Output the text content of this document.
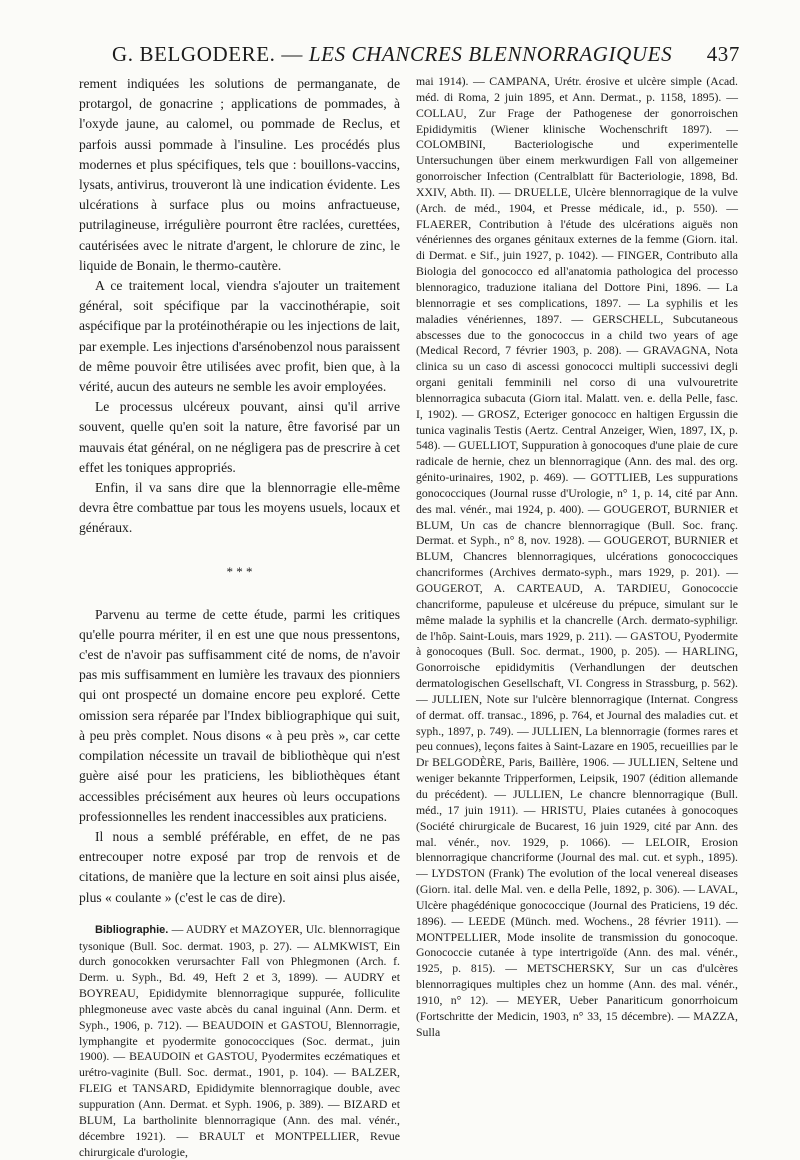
G. BELGODERE. — LES CHANCRES BLENNORRAGIQUES 437

rement indiquées les solutions de permanganate, de protargol, de gonacrine ; applications de pommades, à l'oxyde jaune, au calomel, ou pommade de Reclus, et parfois aussi pommade à l'insuline. Les procédés plus modernes et plus spécifiques, tels que : bouillons-vaccins, lysats, antivirus, trouveront là une indication évidente. Les ulcérations à surface plus ou moins anfractueuse, putrilagineuse, irrégulière pourront être raclées, curettées, cautérisées avec le nitrate d'argent, le chlorure de zinc, le liquide de Bonain, le thermo-cautère.

A ce traitement local, viendra s'ajouter un traitement général, soit spécifique par la vaccinothérapie, soit aspécifique par la protéinothérapie ou les injections de lait, par exemple. Les injections d'arsénobenzol nous paraissent de même pouvoir être utilisées avec profit, bien que, à la vérité, aucun des auteurs ne semble les avoir employées.

Le processus ulcéreux pouvant, ainsi qu'il arrive souvent, quelle qu'en soit la nature, être favorisé par un mauvais état général, on ne négligera pas de prescrire à cet effet les toniques appropriés.

Enfin, il va sans dire que la blennorragie elle-même devra être combattue par tous les moyens usuels, locaux et généraux.

* * *

Parvenu au terme de cette étude, parmi les critiques qu'elle pourra mériter, il en est une que nous pressentons, c'est de n'avoir pas suffisamment cité de noms, de n'avoir pas mis suffisamment en lumière les travaux des pionniers qui ont prospecté un domaine encore peu exploré. Cette omission sera réparée par l'Index bibliographique qui suit, à peu près complet. Nous disons « à peu près », car cette compilation nécessite un travail de bibliothèque qui n'est guère aisé pour les praticiens, les bibliothèques étant accessibles précisément aux heures où leurs occupations professionnelles les rendent inaccessibles aux praticiens.

Il nous a semblé préférable, en effet, de ne pas entrecouper notre exposé par trop de renvois et de citations, de manière que la lecture en soit ainsi plus aisée, plus « coulante » (c'est le cas de dire).

Bibliographie. — AUDRY et MAZOYER, Ulc. blennorragique tysonique (Bull. Soc. dermat. 1903, p. 27). — ALMKWIST, Ein durch gonocokken verursachter Fall von Phlegmonen (Arch. f. Derm. u. Syph., Bd. 49, Heft 2 et 3, 1899). — AUDRY et BOYREAU, Epididymite blennorragique suppurée, folliculite phlegmoneuse avec vaste abcès du canal inguinal (Ann. Derm. et Syph., 1906, p. 712). — BEAUDOIN et GASTOU, Blennorragie, lymphangite et pyodermite gonococciques (Soc. dermat., juin 1900). — BEAUDOIN et GASTOU, Pyodermites eczématiques et urétro-vaginite (Bull. Soc. dermat., 1901, p. 104). — BALZER, FLEIG et TANSARD, Epididymite blennorragique double, avec suppuration (Ann. Dermat. et Syph. 1906, p. 389). — BIZARD et BLUM, La bartholinite blennorragique (Ann. des mal. vénér., décembre 1921). — BRAULT et MONTPELLIER, Revue chirurgicale d'urologie,

mai 1914). — CAMPANA, Urétr. érosive et ulcère simple (Acad. méd. di Roma, 2 juin 1895, et Ann. Dermat., p. 1158, 1895). — COLLAU, Zur Frage der Pathogenese der gonorroischen Epididymitis (Wiener klinische Wochenschrift 1897). — COLOMBINI, Bacteriologische und experimentelle Untersuchungen über einem merkwurdigen Fall von allgemeiner gonorroischer Infection (Centralblatt für Bacteriologie, 1898, Bd. XXIV, Abth. II). — DRUELLE, Ulcère blennorragique de la vulve (Arch. de méd., 1904, et Presse médicale, id., p. 550). — FLAERER, Contribution à l'étude des ulcérations aiguës non vénériennes des organes génitaux externes de la femme (Giorn. ital. di Dermat. e Sif., juin 1927, p. 1042). — FINGER, Contributo alla Biologia del gonococco ed all'anatomia pathologica del processo blennoragico, traduzione italiana del Dottore Pini, 1896. — La blennorragie et ses complications, 1897. — La syphilis et les maladies vénériennes, 1897. — GERSCHELL, Subcutaneous abscesses due to the gonococcus in a child two years of age (Medical Record, 7 février 1903, p. 208). — GRAVAGNA, Nota clinica su un caso di ascessi gonococci multipli successivi degli organi genitali femminili nel corso di una vulvouretrite blennorragica subacuta (Giorn ital. Malatt. ven. e. della Pelle, fasc. I, 1902). — GROSZ, Ecteriger gonococc en haltigen Ergussin die tunica vaginalis Testis (Aertz. Central Anzeiger, Wien, 1897, IX, p. 548). — GUELLIOT, Suppuration à gonocoques d'une plaie de cure radicale de hernie, chez un blennorragique (Ann. des mal. des org. génito-urinaires, 1902, p. 469). — GOTTLIEB, Les suppurations gonococciques (Journal russe d'Urologie, n° 1, p. 14, cité par Ann. des mal. vénér., mai 1924, p. 400). — GOUGEROT, BURNIER et BLUM, Un cas de chancre blennorragique (Bull. Soc. franç. Dermat. et Syph., n° 8, nov. 1928). — GOUGEROT, BURNIER et BLUM, Chancres blennorragiques, ulcérations gonococciques chancriformes (Archives dermato-syph., mars 1929, p. 201). — GOUGEROT, A. CARTEAUD, A. TARDIEU, Gonococcie chancriforme, papuleuse et ulcéreuse du prépuce, simulant sur le même malade la syphilis et la chancrelle (Arch. dermato-syphiligr. de l'hôp. Saint-Louis, mars 1929, p. 211). — GASTOU, Pyodermite à gonocoques (Bull. Soc. dermat., 1900, p. 205). — HARLING, Gonorroische epididymitis (Verhandlungen der deutschen dermatologischen Gesellschaft, VI. Congress in Strassburg, p. 562). — JULLIEN, Note sur l'ulcère blennorragique (Internat. Congress of dermat. off. transac., 1896, p. 764, et Journal des maladies cut. et syph., 1897, p. 749). — JULLIEN, La blennorragie (formes rares et peu connues), leçons faites à Saint-Lazare en 1905, recueillies par le Dr BELGODÈRE, Paris, Baillère, 1906. — JULLIEN, Seltene und weniger bekannte Tripperformen, Leipsik, 1907 (édition allemande du précédent). — JULLIEN, Le chancre blennorragique (Bull. méd., 17 juin 1911). — HRISTU, Plaies cutanées à gonocoques (Société chirurgicale de Bucarest, 16 juin 1929, cité par Ann. des mal. vénér., nov. 1929, p. 1066). — LELOIR, Erosion blennorragique chancriforme (Journal des mal. cut. et syph., 1895). — LYDSTON (Frank) The evolution of the local venereal diseases (Giorn. ital. delle Mal. ven. e della Pelle, 1892, p. 306). — LAVAL, Ulcère phagédénique gonococcique (Journal des Praticiens, 19 déc. 1896). — LEEDE (Münch. med. Wochens., 28 février 1911). — MONTPELLIER, Mode insolite de transmission du gonocoque. Gonococcie cutanée à type intertrigoïde (Ann. des mal. vénér., 1925, p. 815). — METSCHERSKY, Sur un cas d'ulcères blennorragiques multiples chez un homme (Ann. des mal. vénér., 1910, n° 12). — MEYER, Ueber Panariticum gonorrhoicum (Fortschritte der Medicin, 1903, n° 33, 15 décembre). — MAZZA, Sulla
